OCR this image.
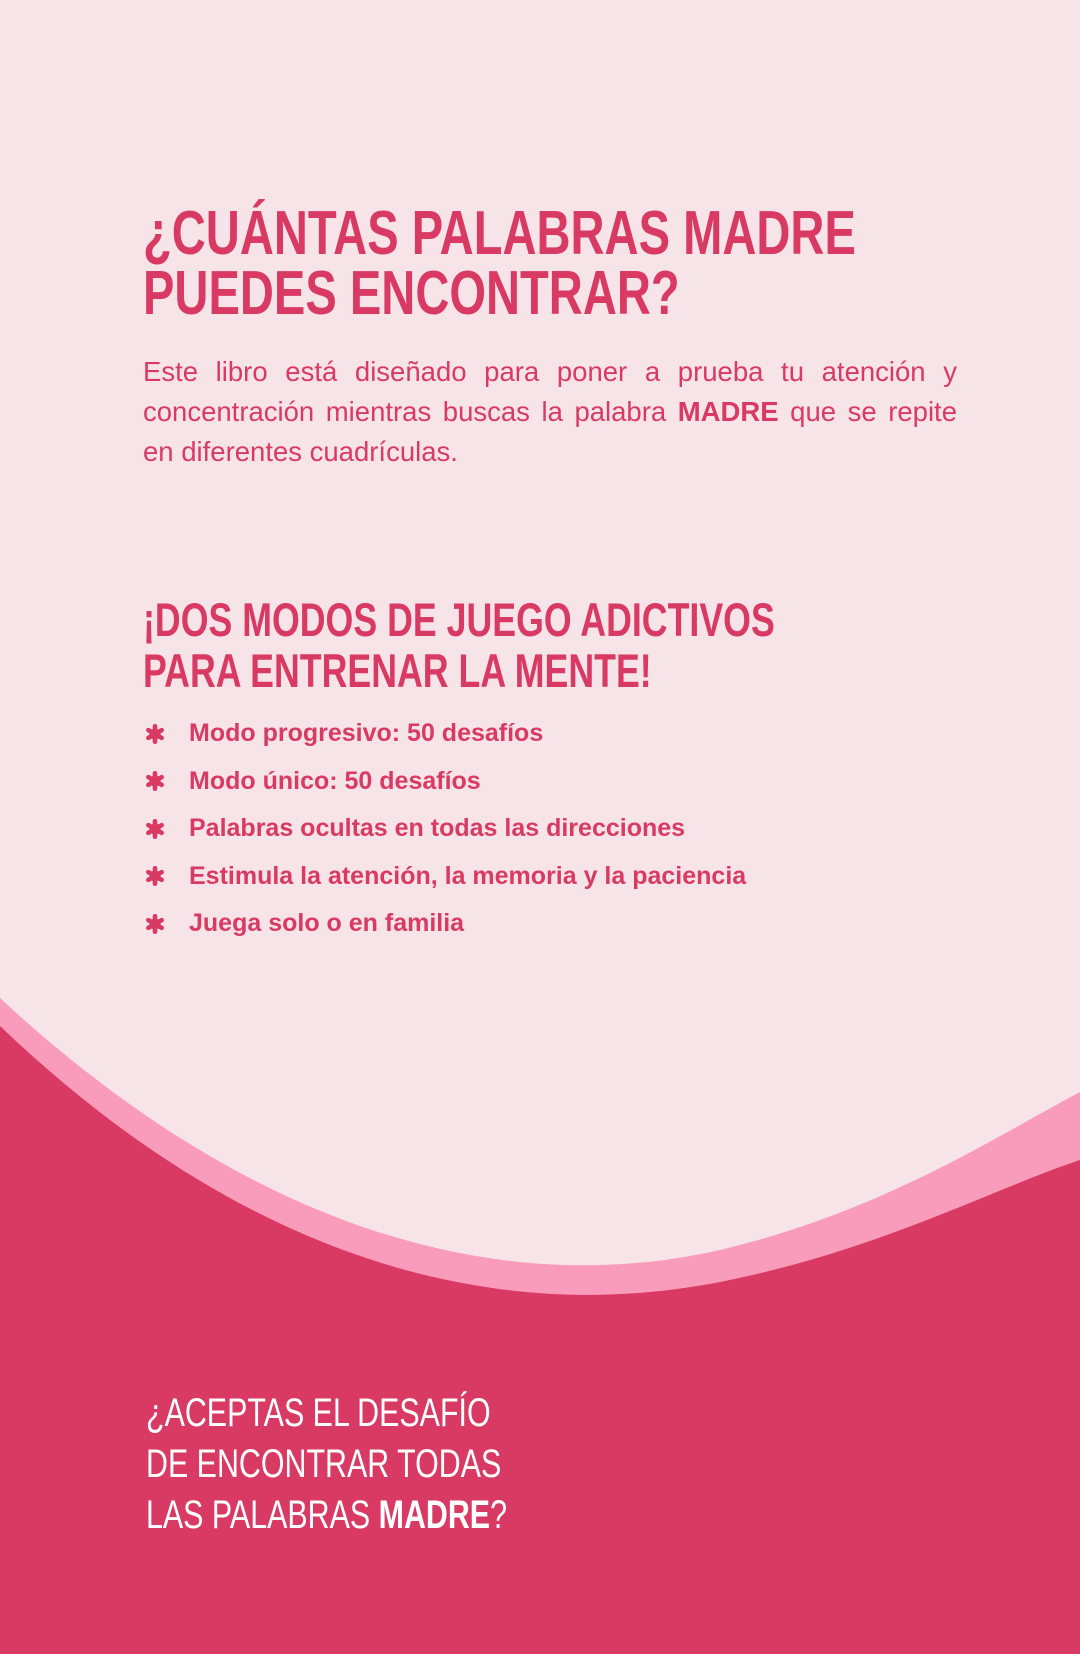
¿CUÁNTAS PALABRAS MADRE
PUEDES ENCONTRAR?

Este libro está diseñado para poner a prueba tu atención y concentración mientras buscas la palabra MADRE que se repite en diferentes cuadrículas.

¡DOS MODOS DE JUEGO ADICTIVOS
PARA ENTRENAR LA MENTE!
Modo progresivo: 50 desafíos
Modo único: 50 desafíos
Palabras ocultas en todas las direcciones
Estimula la atención, la memoria y la paciencia
Juega solo o en familia

¿ACEPTAS EL DESAFÍO
DE ENCONTRAR TODAS
LAS PALABRAS MADRE?
